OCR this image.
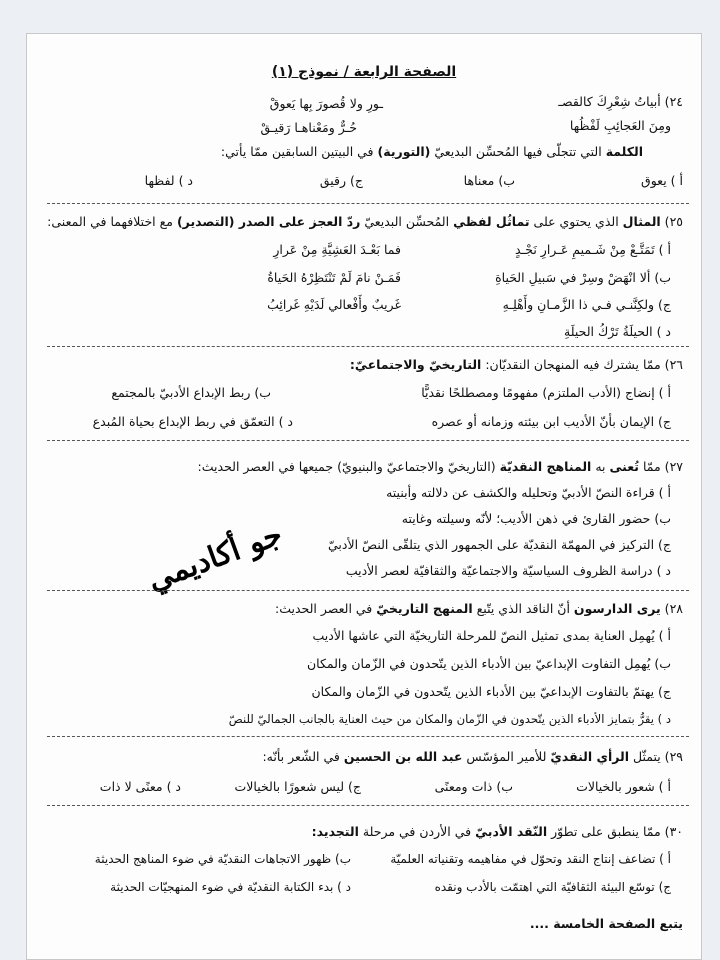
الصفحة الرابعة / نموذج (١)
٢٤) أبياتُ شِعْرِكَ كالقصـ
ـورِ ولا قُصورَ بِها يَعوقْ
ومِنَ العَجائِبِ لَفْظُها
حُـرٌّ ومَعْناهـا رَقيـقْ
الكلمة التي تتجلّى فيها المُحسِّن البديعيّ (التورية) في البيتين السابقين ممّا يأتي:
أ ) يعوق
ب) معناها
ج) رقيق
د ) لفظها
٢٥) المثال الذي يحتوي على تماثُل لفظي المُحسِّن البديعيّ ردّ العجز على الصدر (التصدير) مع اختلافهما في المعنى:
أ ) تَمَتَّـعْ مِنْ شَـميمِ عَـرارِ نَجْـدٍ
فما بَعْـدَ العَشِيَّةِ مِنْ عَرارِ
ب) ألا انْهَضْ وسِرْ في سَبيلِ الحَياةِ
فَمَـنْ نامَ لَمْ تَنْتَظِرْهُ الحَياةُ
ج) ولكِنَّنـي فـي ذا الزَّمـانِ وأَهْلِـهِ
غَريبٌ وأَفْعالي لَدَيْهِ غَرائِبُ
د ) الحيلَةُ تَرْكُ الحيلَةِ
٢٦) ممّا يشترك فيه المنهجان النقديّان: التاريخيّ والاجتماعيّ:
أ ) إنضاج (الأدب الملتزم) مفهومًا ومصطلحًا نقديًّا
ب) ربط الإبداع الأدبيّ بالمجتمع
ج) الإيمان بأنّ الأديب ابن بيئته وزمانه أو عصره
د ) التعمّق في ربط الإبداع بحياة المُبدع
٢٧) ممّا تُعنى به المناهج النقديّة (التاريخيّ والاجتماعيّ والبنيويّ) جميعها في العصر الحديث:
أ ) قراءة النصّ الأدبيّ وتحليله والكشف عن دلالته وأبنيته
ب) حضور القارئ في ذهن الأديب؛ لأنّه وسيلته وغايته
ج) التركيز في المهمّة النقديّة على الجمهور الذي يتلقّى النصّ الأدبيّ
د ) دراسة الظروف السياسيّة والاجتماعيّة والثقافيّة لعصر الأديب
جو أكاديمي
٢٨) يرى الدارسون أنّ الناقد الذي يتّبع المنهج التاريخيّ في العصر الحديث:
أ ) يُهمِل العناية بمدى تمثيل النصّ للمرحلة التاريخيّة التي عاشها الأديب
ب) يُهمِل التفاوت الإبداعيّ بين الأدباء الذين يتّحدون في الزّمان والمكان
ج) يهتمّ بالتفاوت الإبداعيّ بين الأدباء الذين يتّحدون في الزّمان والمكان
د ) يقرُّ بتمايز الأدباء الذين يتّحدون في الزّمان والمكان من حيث العناية بالجانب الجماليّ للنصّ
٢٩) يتمثّل الرأي النقديّ للأمير المؤسّس عبد الله بن الحسين في الشّعر بأنّه:
أ ) شعور بالخيالات
ب) ذات ومعنًى
ج) ليس شعورًا بالخيالات
د ) معنًى لا ذات
٣٠) ممّا ينطبق على تطوّر النّقد الأدبيّ في الأردن في مرحلة التجديد:
أ ) تضاعف إنتاج النقد وتحوّل في مفاهيمه وتقنياته العلميّة
ب) ظهور الاتجاهات النقديّة في ضوء المناهج الحديثة
ج) توسّع البيئة الثقافيّة التي اهتمّت بالأدب ونقده
د ) بدء الكتابة النقديّة في ضوء المنهجيّات الحديثة
يتبع الصفحة الخامسة ....
